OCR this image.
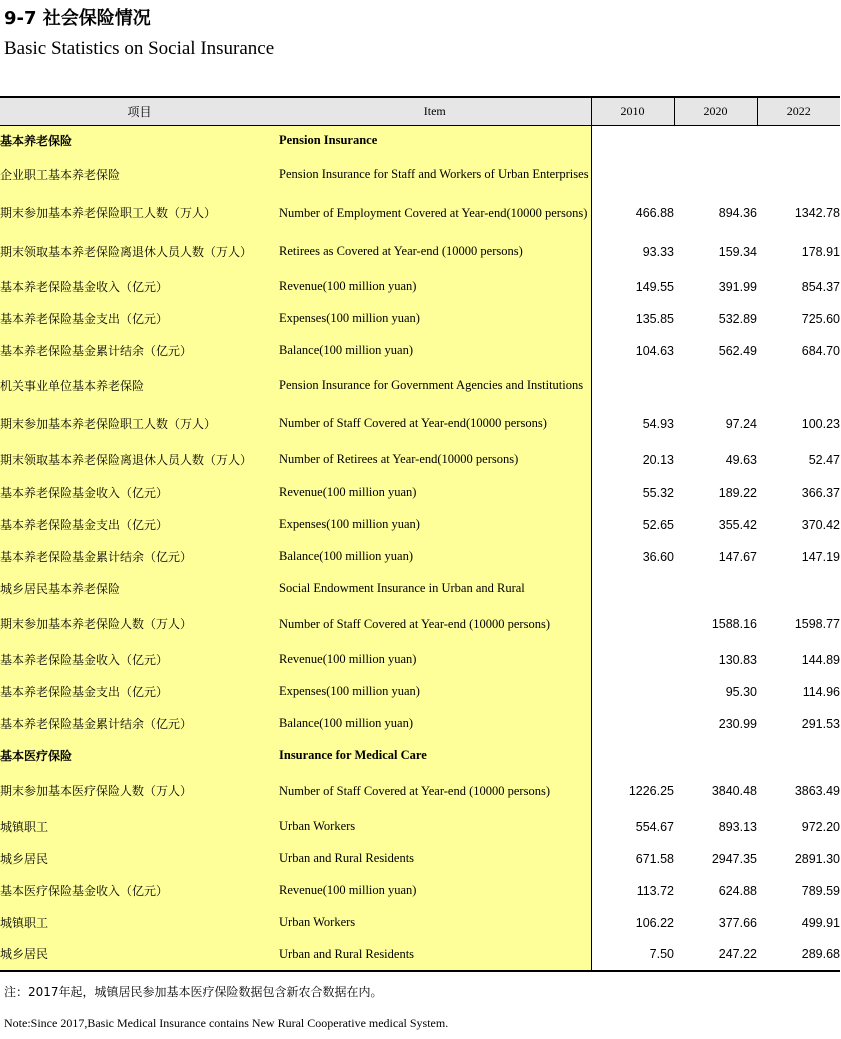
9-7 社会保险情况
Basic Statistics on Social Insurance
项目	Item	2010	2020	2022
基本养老保险	Pension Insurance			
企业职工基本养老保险	Pension Insurance for Staff and Workers of Urban Enterprises			
期末参加基本养老保险职工人数（万人）	Number of Employment Covered at Year-end(10000 persons)	466.88	894.36	1342.78
期末领取基本养老保险离退休人员人数（万人）	Retirees as Covered at Year-end (10000 persons)	93.33	159.34	178.91
基本养老保险基金收入（亿元）	Revenue(100 million yuan)	149.55	391.99	854.37
基本养老保险基金支出（亿元）	Expenses(100 million yuan)	135.85	532.89	725.60
基本养老保险基金累计结余（亿元）	Balance(100 million yuan)	104.63	562.49	684.70
机关事业单位基本养老保险	Pension Insurance for Government Agencies and Institutions			
期末参加基本养老保险职工人数（万人）	Number of Staff Covered at Year-end(10000 persons)	54.93	97.24	100.23
期末领取基本养老保险离退休人员人数（万人）	Number of Retirees at Year-end(10000 persons)	20.13	49.63	52.47
基本养老保险基金收入（亿元）	Revenue(100 million yuan)	55.32	189.22	366.37
基本养老保险基金支出（亿元）	Expenses(100 million yuan)	52.65	355.42	370.42
基本养老保险基金累计结余（亿元）	Balance(100 million yuan)	36.60	147.67	147.19
城乡居民基本养老保险	Social Endowment Insurance in Urban and Rural			
期末参加基本养老保险人数（万人）	Number of Staff Covered at Year-end (10000 persons)		1588.16	1598.77
基本养老保险基金收入（亿元）	Revenue(100 million yuan)		130.83	144.89
基本养老保险基金支出（亿元）	Expenses(100 million yuan)		95.30	114.96
基本养老保险基金累计结余（亿元）	Balance(100 million yuan)		230.99	291.53
基本医疗保险	Insurance for Medical Care			
期末参加基本医疗保险人数（万人）	Number of Staff Covered at Year-end (10000 persons)	1226.25	3840.48	3863.49
城镇职工	Urban Workers	554.67	893.13	972.20
城乡居民	Urban and Rural Residents	671.58	2947.35	2891.30
基本医疗保险基金收入（亿元）	Revenue(100 million yuan)	113.72	624.88	789.59
城镇职工	Urban Workers	106.22	377.66	499.91
城乡居民	Urban and Rural Residents	7.50	247.22	289.68
注：2017年起，城镇居民参加基本医疗保险数据包含新农合数据在内。
Note:Since 2017,Basic Medical Insurance contains New Rural Cooperative medical System.
